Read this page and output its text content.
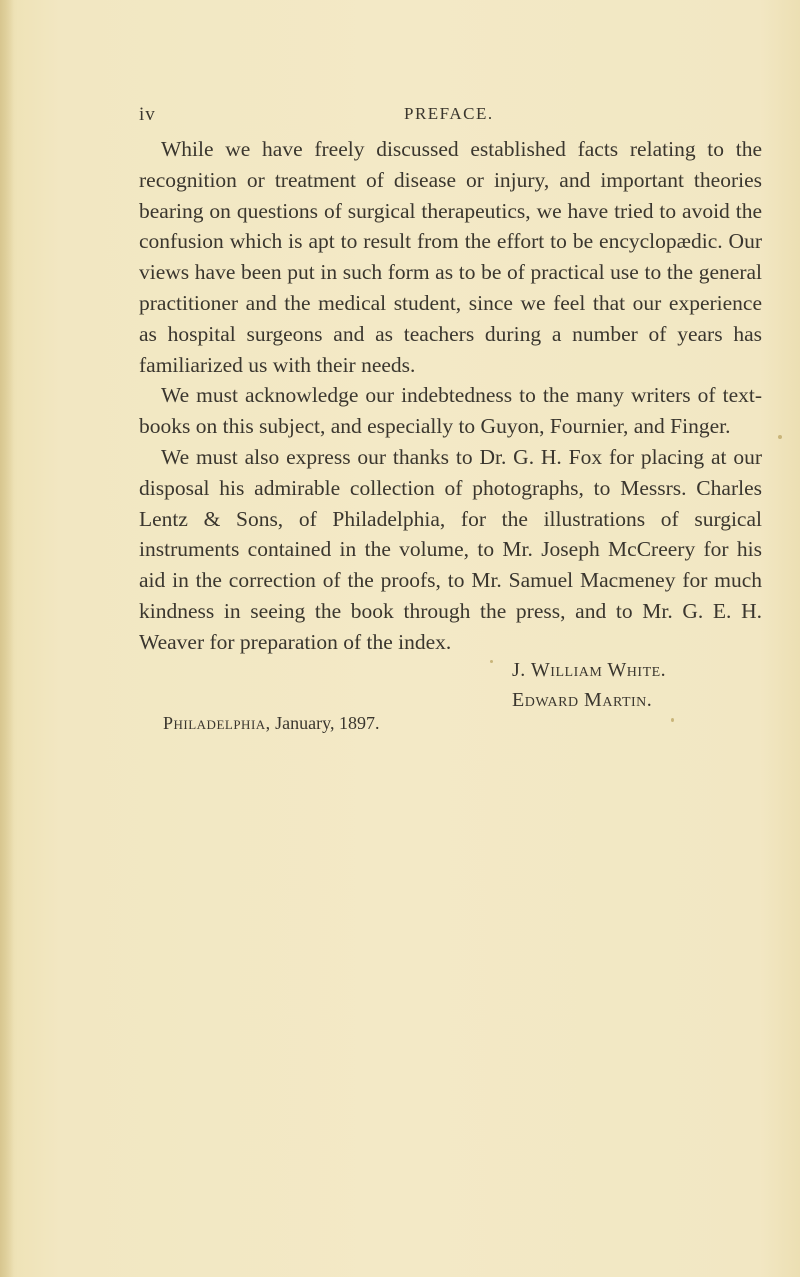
iv	PREFACE.

While we have freely discussed established facts relating to the recognition or treatment of disease or injury, and important theories bearing on questions of surgical therapeutics, we have tried to avoid the confusion which is apt to result from the effort to be encyclopædic. Our views have been put in such form as to be of practical use to the general practitioner and the medical student, since we feel that our experience as hospital surgeons and as teachers during a number of years has familiarized us with their needs.

We must acknowledge our indebtedness to the many writers of text-books on this subject, and especially to Guyon, Fournier, and Finger.

We must also express our thanks to Dr. G. H. Fox for placing at our disposal his admirable collection of photographs, to Messrs. Charles Lentz & Sons, of Philadelphia, for the illustrations of surgical instruments contained in the volume, to Mr. Joseph McCreery for his aid in the correction of the proofs, to Mr. Samuel Macmeney for much kindness in seeing the book through the press, and to Mr. G. E. H. Weaver for preparation of the index.

J. William White.
Edward Martin.
Philadelphia, January, 1897.
